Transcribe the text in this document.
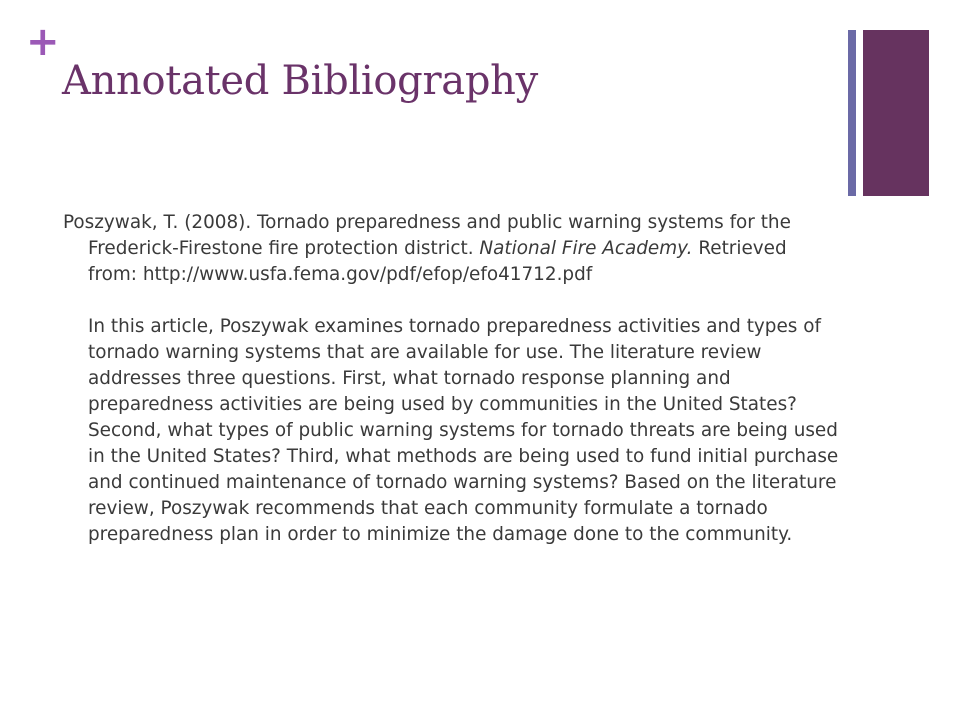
+
Annotated Bibliography

Poszywak, T. (2008). Tornado preparedness and public warning systems for the Frederick-Firestone fire protection district. National Fire Academy. Retrieved from: http://www.usfa.fema.gov/pdf/efop/efo41712.pdf

In this article, Poszywak examines tornado preparedness activities and types of tornado warning systems that are available for use. The literature review addresses three questions. First, what tornado response planning and preparedness activities are being used by communities in the United States? Second, what types of public warning systems for tornado threats are being used in the United States? Third, what methods are being used to fund initial purchase and continued maintenance of tornado warning systems? Based on the literature review, Poszywak recommends that each community formulate a tornado preparedness plan in order to minimize the damage done to the community.
